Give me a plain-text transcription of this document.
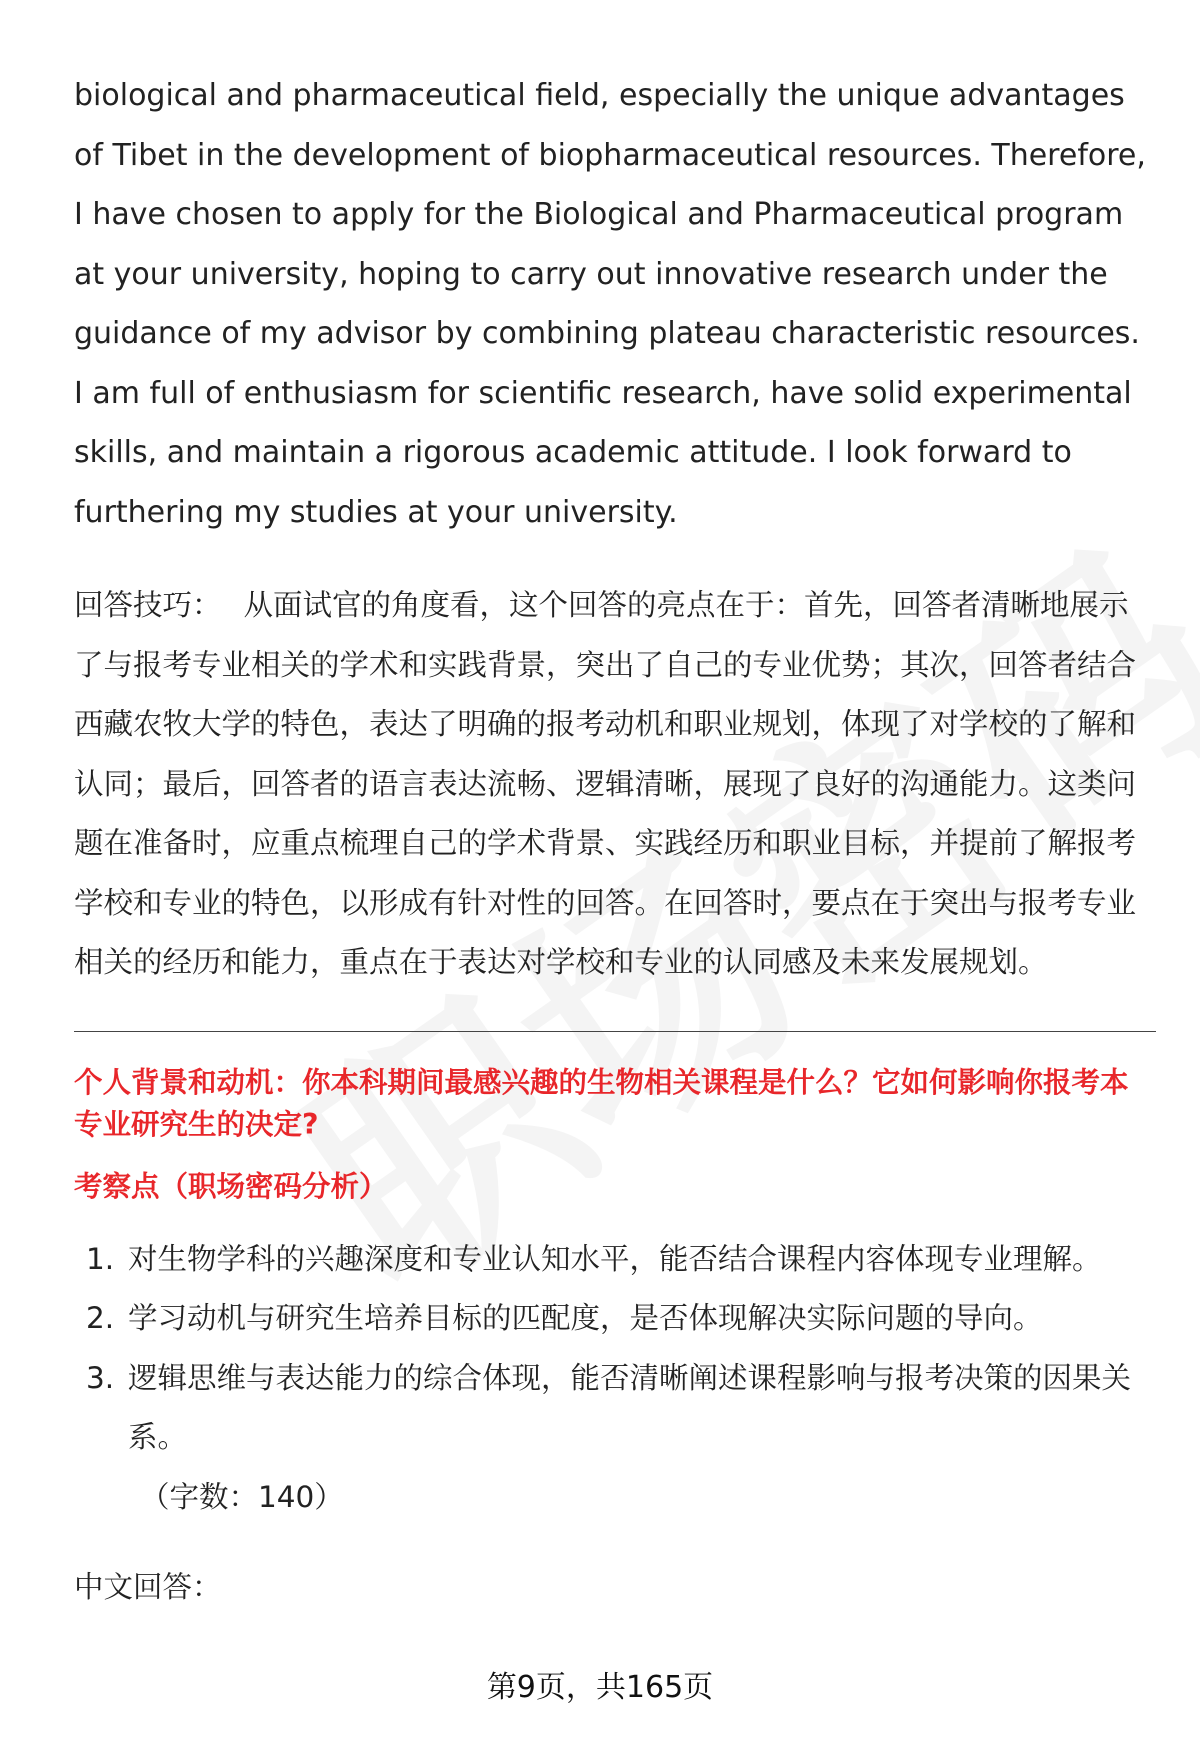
biological and pharmaceutical field, especially the unique advantages of Tibet in the development of biopharmaceutical resources. Therefore, I have chosen to apply for the Biological and Pharmaceutical program at your university, hoping to carry out innovative research under the guidance of my advisor by combining plateau characteristic resources. I am full of enthusiasm for scientific research, have solid experimental skills, and maintain a rigorous academic attitude. I look forward to furthering my studies at your university.

回答技巧： 从面试官的角度看，这个回答的亮点在于：首先，回答者清晰地展示了与报考专业相关的学术和实践背景，突出了自己的专业优势；其次，回答者结合西藏农牧大学的特色，表达了明确的报考动机和职业规划，体现了对学校的了解和认同；最后，回答者的语言表达流畅、逻辑清晰，展现了良好的沟通能力。这类问题在准备时，应重点梳理自己的学术背景、实践经历和职业目标，并提前了解报考学校和专业的特色，以形成有针对性的回答。在回答时，要点在于突出与报考专业相关的经历和能力，重点在于表达对学校和专业的认同感及未来发展规划。

个人背景和动机：你本科期间最感兴趣的生物相关课程是什么？它如何影响你报考本专业研究生的决定?

考察点（职场密码分析）

1. 对生物学科的兴趣深度和专业认知水平，能否结合课程内容体现专业理解。
2. 学习动机与研究生培养目标的匹配度，是否体现解决实际问题的导向。
3. 逻辑思维与表达能力的综合体现，能否清晰阐述课程影响与报考决策的因果关系。

（字数：140）

中文回答：

第9页，共165页
